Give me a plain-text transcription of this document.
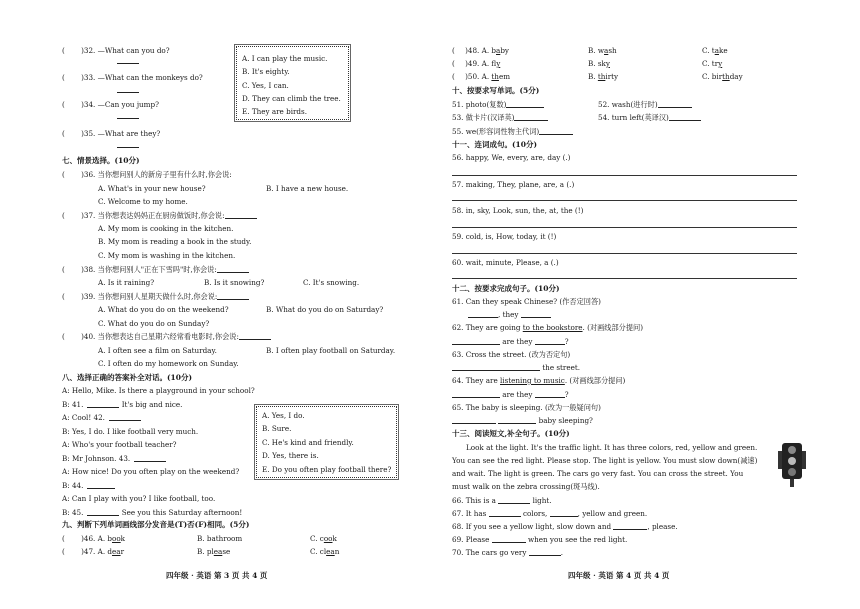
( )32. —What can you do?
( )33. —What can the monkeys do?
( )34. —Can you jump?
( )35. —What are they?
A. I can play the music.
B. It's eighty.
C. Yes, I can.
D. They can climb the tree.
E. They are birds.
七、情景选择。(10分)
( )36. 当你想问别人的新房子里有什么时,你会说:
A. What's in your new house?	B. I have a new house.
C. Welcome to my home.
( )37. 当你想表达妈妈正在厨房做饭时,你会说:
A. My mom is cooking in the kitchen.
B. My mom is reading a book in the study.
C. My mom is washing in the kitchen.
( )38. 当你想问别人"正在下雪吗"时,你会说:
A. Is it raining?	B. Is it snowing?	C. It's snowing.
( )39. 当你想问别人星期天做什么时,你会说:
A. What do you do on the weekend?	B. What do you do on Saturday?
C. What do you do on Sunday?
( )40. 当你想表达自己星期六经常看电影时,你会说:
A. I often see a film on Saturday.	B. I often play football on Saturday.
C. I often do my homework on Sunday.
八、选择正确的答案补全对话。(10分)
A: Hello, Mike. Is there a playground in your school?
B: 41.	It's big and nice.
A: Cool! 42.
B: Yes, I do. I like football very much.
A: Who's your football teacher?
B: Mr Johnson. 43.
A: How nice! Do you often play on the weekend?
B: 44.
A: Can I play with you? I like football, too.
B: 45.	See you this Saturday afternoon!
A. Yes, I do.
B. Sure.
C. He's kind and friendly.
D. Yes, there is.
E. Do you often play football there?
九、判断下列单词画线部分发音是(T)否(F)相同。(5分)
( )46. A. book	B. bathroom	C. cook
( )47. A. dear	B. please	C. clean
四年级 · 英语 第 3 页 共 4 页
( )48. A. baby	B. wash	C. take
( )49. A. fly	B. sky	C. try
( )50. A. them	B. thirty	C. birthday
十、按要求写单词。(5分)
51. photo(复数)	52. wash(进行时)
53. 做卡片(汉译英)	54. turn left(英译汉)
55. we(形容词性物主代词)
十一、连词成句。(10分)
56. happy, We, every, are, day (.)
57. making, They, plane, are, a (.)
58. in, sky, Look, sun, the, at, the (!)
59. cold, is, How, today, it (!)
60. wait, minute, Please, a (.)
十二、按要求完成句子。(10分)
61. Can they speak Chinese? (作否定回答)
, they
62. They are going to the bookstore. (对画线部分提问)
are they	?
63. Cross the street. (改为否定句)
the street.
64. They are listening to music. (对画线部分提问)
are they	?
65. The baby is sleeping. (改为一般疑问句)
baby sleeping?
十三、阅读短文,补全句子。(10分)
Look at the light. It's the traffic light. It has three colors, red, yellow and green.
You can see the red light. Please stop. The light is yellow. You must slow down(减速)
and wait. The light is green. The cars go very fast. You can cross the street. You
must walk on the zebra crossing(斑马线).
66. This is a	light.
67. It has	colors,	, yellow and green.
68. If you see a yellow light, slow down and	, please.
69. Please	when you see the red light.
70. The cars go very	.
四年级 · 英语 第 4 页 共 4 页
